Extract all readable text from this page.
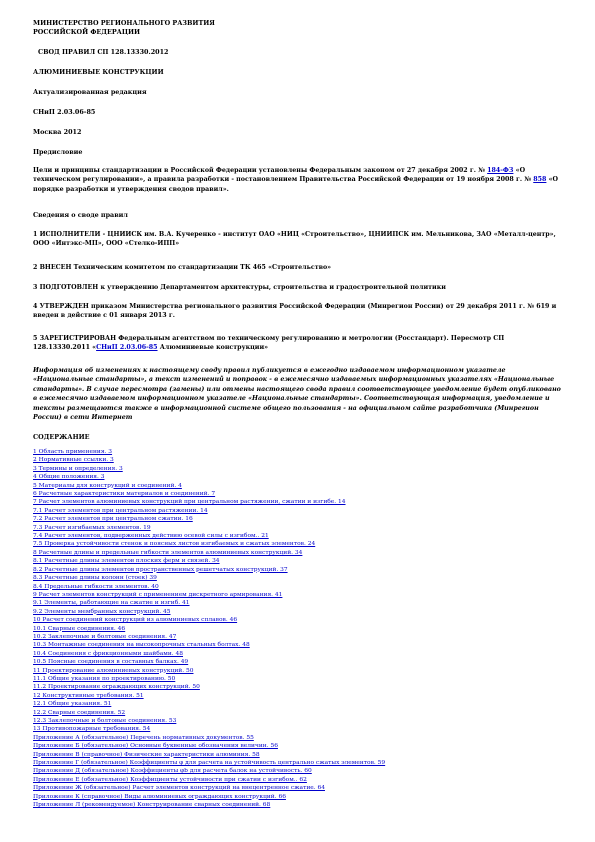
МИНИСТЕРСТВО РЕГИОНАЛЬНОГО РАЗВИТИЯ
РОССИЙСКОЙ ФЕДЕРАЦИИ
СВОД ПРАВИЛ СП 128.13330.2012
АЛЮМИНИЕВЫЕ КОНСТРУКЦИИ
Актуализированная редакция
СНиП 2.03.06-85
Москва 2012
Предисловие
Цели и принципы стандартизации в Российской Федерации установлены Федеральным законом от 27 декабря 2002 г. № 184-ФЗ «О техническом регулировании», а правила разработки - постановлением Правительства Российской Федерации от 19 ноября 2008 г. № 858 «О порядке разработки и утверждения сводов правил».
Сведения о своде правил
1 ИСПОЛНИТЕЛИ - ЦНИИСК им. В.А. Кучеренко - институт ОАО «НИЦ «Строительство», ЦНИИПСК им. Мельникова, ЗАО «Металл-центр», ООО «Интэкс-МП», ООО «Стелко-ИПП»
2 ВНЕСЕН Техническим комитетом по стандартизации ТК 465 «Строительство»
3 ПОДГОТОВЛЕН к утверждению Департаментом архитектуры, строительства и градостроительной политики
4 УТВЕРЖДЕН приказом Министерства регионального развития Российской Федерации (Минрегион России) от 29 декабря 2011 г. № 619 и введен в действие с 01 января 2013 г.
5 ЗАРЕГИСТРИРОВАН Федеральным агентством по техническому регулированию и метрологии (Росстандарт). Пересмотр СП 128.13330.2011 «СНиП 2.03.06-85 Алюминиевые конструкции»
Информация об изменениях к настоящему своду правил публикуется в ежегодно издаваемом информационном указателе «Национальные стандарты», а текст изменений и поправок - в ежемесячно издаваемых информационных указателях «Национальные стандарты». В случае пересмотра (замены) или отмены настоящего свода правил соответствующее уведомление будет опубликовано в ежемесячно издаваемом информационном указателе «Национальные стандарты». Соответствующая информация, уведомление и тексты размещаются также в информационной системе общего пользования - на официальном сайте разработчика (Минрегион России) в сети Интернет
СОДЕРЖАНИЕ
1 Область применения. 3
2 Нормативные ссылки. 3
3 Термины и определения. 3
4 Общие положения. 3
5 Материалы для конструкций и соединений. 4
6 Расчетные характеристики материалов и соединений. 7
7 Расчет элементов алюминиевых конструкций при центральном растяжении, сжатии и изгибе. 14
7.1 Расчет элементов при центральном растяжении. 14
7.2 Расчет элементов при центральном сжатии. 16
7.3 Расчет изгибаемых элементов. 19
7.4 Расчет элементов, подверженных действию осевой силы с изгибом.. 21
7.5 Проверка устойчивости стенок и поясных листов изгибаемых и сжатых элементов. 24
8 Расчетные длины и предельные гибкости элементов алюминиевых конструкций. 34
8.1 Расчетные длины элементов плоских ферм и связей. 34
8.2 Расчетные длины элементов пространственных решетчатых конструкций. 37
8.3 Расчетные длины колонн (стоек) 39
8.4 Предельные гибкости элементов. 40
9 Расчет элементов конструкций с применением дискретного армирования. 41
9.1 Элементы, работающие на сжатие и изгиб. 41
9.2 Элементы мембранных конструкций. 45
10 Расчет соединений конструкций из алюминиевых сплавов. 46
10.1 Сварные соединения. 46
10.2 Заклепочные и болтовые соединения. 47
10.3 Монтажные соединения на высокопрочных стальных болтах. 48
10.4 Соединения с фрикционными шайбами. 48
10.5 Поясные соединения в составных балках. 49
11 Проектирование алюминиевых конструкций. 50
11.1 Общие указания по проектированию. 50
11.2 Проектирование ограждающих конструкций. 50
12 Конструктивные требования. 51
12.1 Общие указания. 51
12.2 Сварные соединения. 52
12.3 Заклепочные и болтовые соединения. 53
13 Противопожарные требования. 54
Приложение А (обязательное) Перечень нормативных документов. 55
Приложение Б (обязательное) Основные буквенные обозначения величин. 56
Приложение В (справочное) Физические характеристики алюминия. 58
Приложение Г (обязательное) Коэффициенты φ для расчета на устойчивость центрально сжатых элементов. 59
Приложение Д (обязательное) Коэффициенты φb для расчета балок на устойчивость. 60
Приложение Е (обязательное) Коэффициенты устойчивости при сжатии с изгибом.. 62
Приложение Ж (обязательное) Расчет элементов конструкций на внецентренное сжатие. 64
Приложение К (справочное) Виды алюминиевых ограждающих конструкций. 66
Приложение Л (рекомендуемое) Конструирование сварных соединений. 68
